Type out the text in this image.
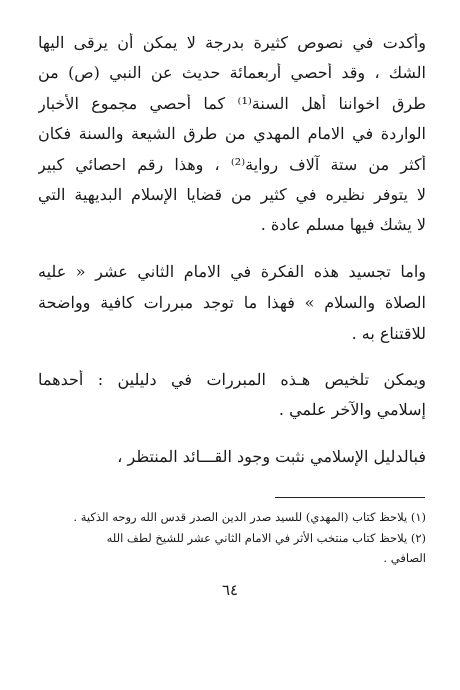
وأكدت في نصوص كثيرة بدرجة لا يمكن أن يرقى اليها
الشك ، وقد أحصي أربعمائة حديث عن النبي (ص) من
طرق اخواننا أهل السنة⁽¹⁾ كما أحصي مجموع الأخبار
الواردة في الامام المهدي من طرق الشيعة والسنة فكان
أكثر من ستة آلاف رواية⁽²⁾ ، وهذا رقم احصائي كبير
لا يتوفر نظيره في كثير من قضايا الإسلام البديهية التي
لا يشك فيها مسلم عادة .
واما تجسيد هذه الفكرة في الامام الثاني عشر « عليه
الصلاة والسلام » فهذا ما توجد مبررات كافية وواضحة
للاقتناع به .
ويمكن تلخيص هـذه المبررات في دليلين : أحدهما
إسلامي والآخر علمي .
فبالدليل الإسلامي نثبت وجود القـــائد المنتظر ،
(١) يلاحظ كتاب (المهدي) للسيد صدر الدين الصدر قدس الله روحه الذكية .
(٢) يلاحظ كتاب منتخب الأثر في الامام الثاني عشر للشيخ لطف الله
الصافي .
٦٤
